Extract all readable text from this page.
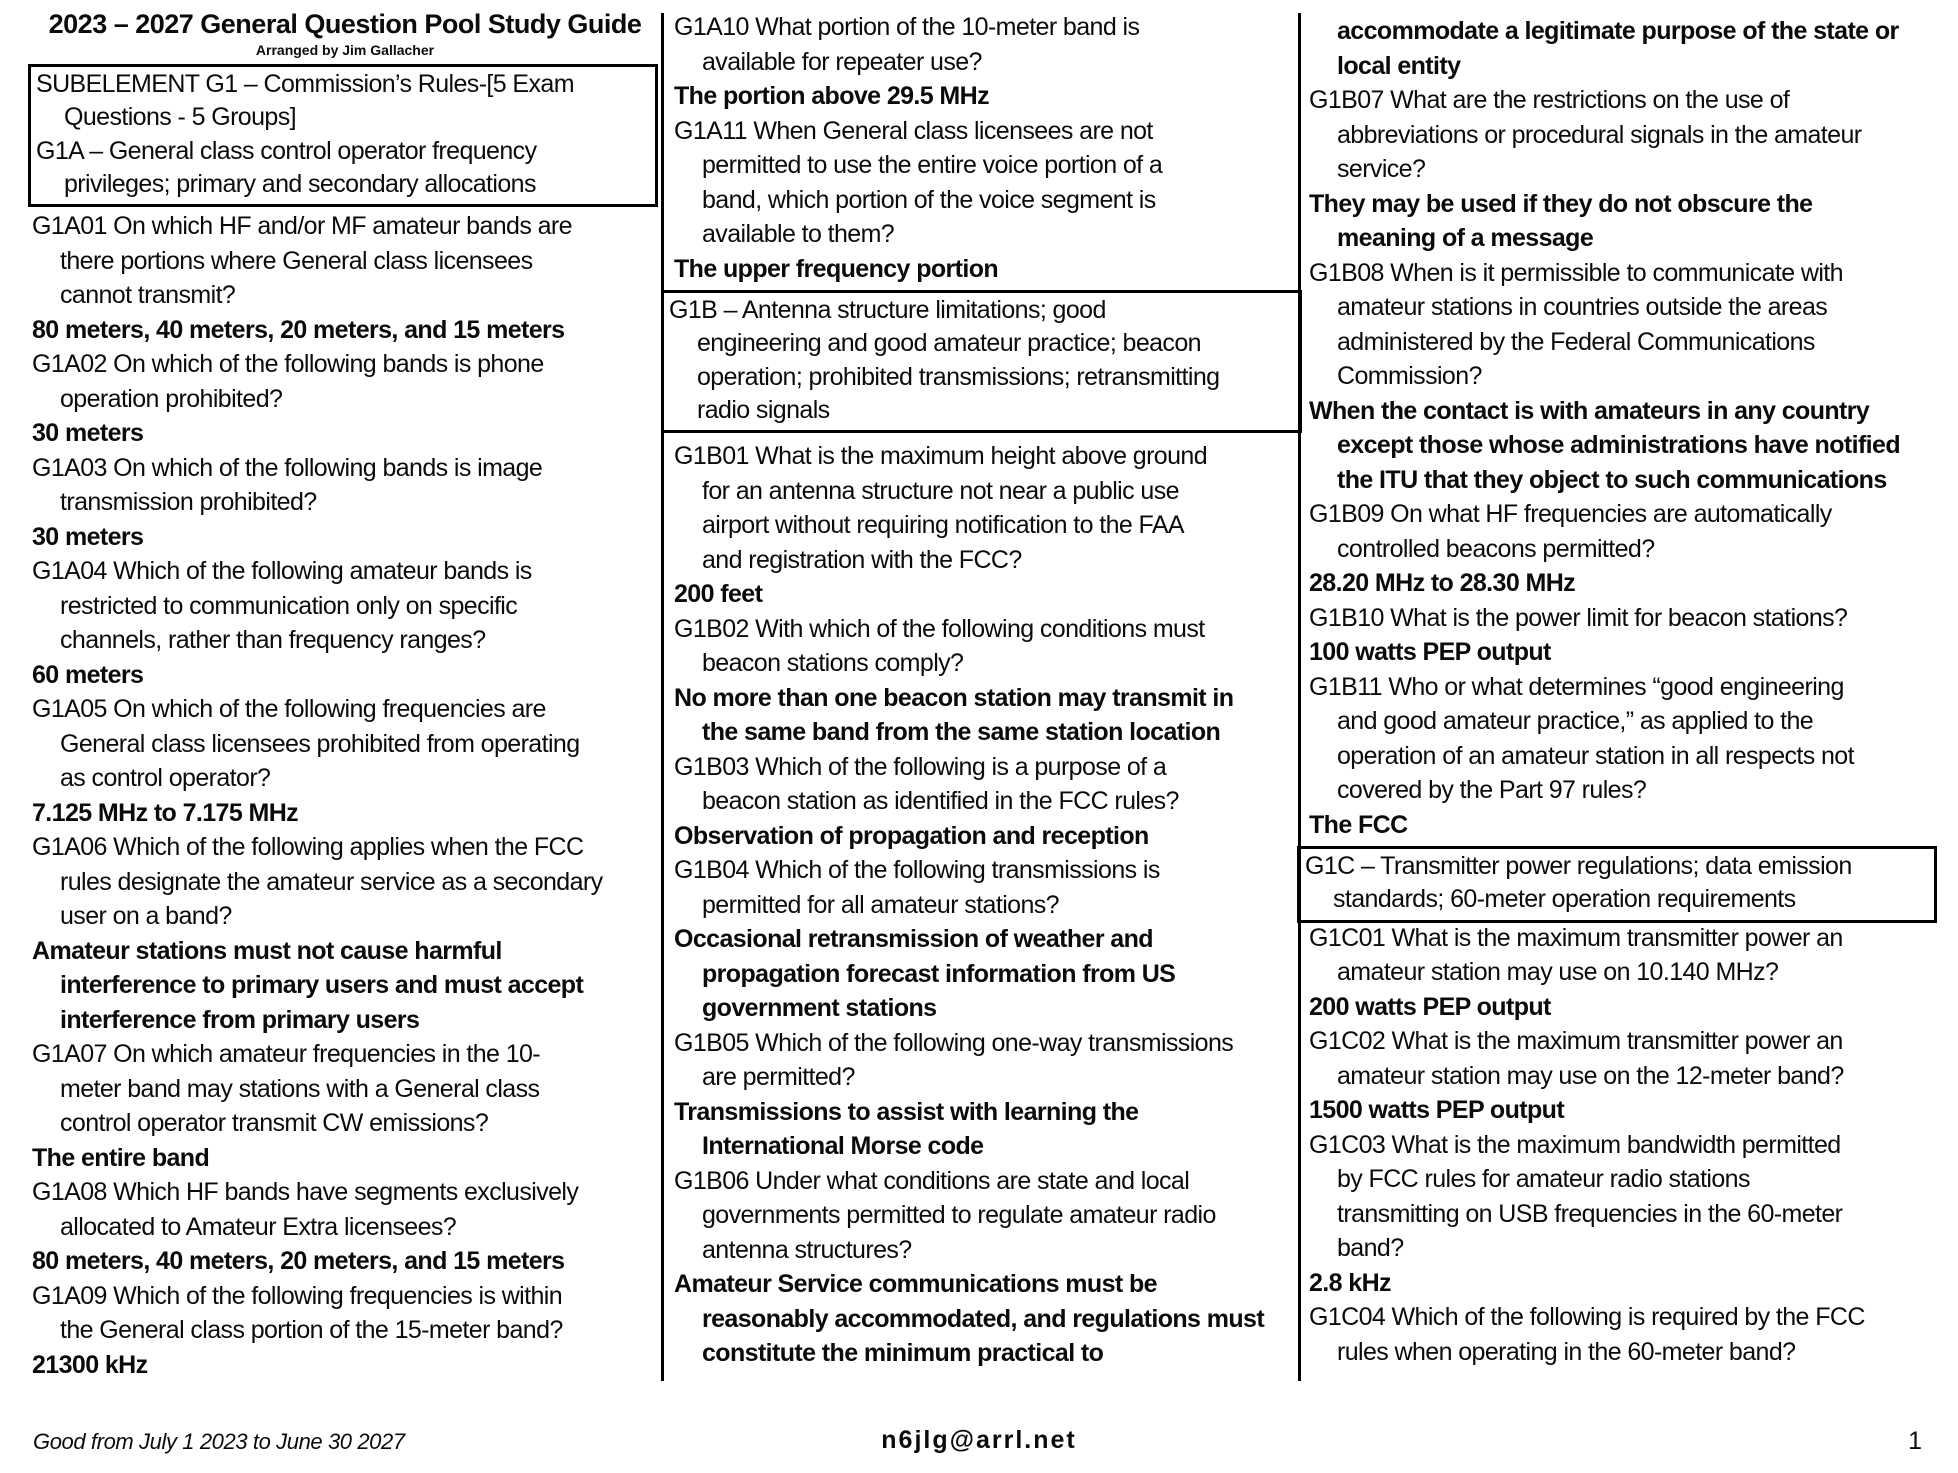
2023 – 2027 General Question Pool Study Guide
Arranged by Jim Gallacher
SUBELEMENT G1 – Commission’s Rules-[5 Exam
Questions - 5 Groups]
G1A – General class control operator frequency
privileges; primary and secondary allocations
G1A01 On which HF and/or MF amateur bands are
there portions where General class licensees
cannot transmit?
80 meters, 40 meters, 20 meters, and 15 meters
G1A02 On which of the following bands is phone
operation prohibited?
30 meters
G1A03 On which of the following bands is image
transmission prohibited?
30 meters
G1A04 Which of the following amateur bands is
restricted to communication only on specific
channels, rather than frequency ranges?
60 meters
G1A05 On which of the following frequencies are
General class licensees prohibited from operating
as control operator?
7.125 MHz to 7.175 MHz
G1A06 Which of the following applies when the FCC
rules designate the amateur service as a secondary
user on a band?
Amateur stations must not cause harmful
interference to primary users and must accept
interference from primary users
G1A07 On which amateur frequencies in the 10-
meter band may stations with a General class
control operator transmit CW emissions?
The entire band
G1A08 Which HF bands have segments exclusively
allocated to Amateur Extra licensees?
80 meters, 40 meters, 20 meters, and 15 meters
G1A09 Which of the following frequencies is within
the General class portion of the 15-meter band?
21300 kHz
G1A10 What portion of the 10-meter band is
available for repeater use?
The portion above 29.5 MHz
G1A11 When General class licensees are not
permitted to use the entire voice portion of a
band, which portion of the voice segment is
available to them?
The upper frequency portion
G1B – Antenna structure limitations; good
engineering and good amateur practice; beacon
operation; prohibited transmissions; retransmitting
radio signals
G1B01 What is the maximum height above ground
for an antenna structure not near a public use
airport without requiring notification to the FAA
and registration with the FCC?
200 feet
G1B02 With which of the following conditions must
beacon stations comply?
No more than one beacon station may transmit in
the same band from the same station location
G1B03 Which of the following is a purpose of a
beacon station as identified in the FCC rules?
Observation of propagation and reception
G1B04 Which of the following transmissions is
permitted for all amateur stations?
Occasional retransmission of weather and
propagation forecast information from US
government stations
G1B05 Which of the following one-way transmissions
are permitted?
Transmissions to assist with learning the
International Morse code
G1B06 Under what conditions are state and local
governments permitted to regulate amateur radio
antenna structures?
Amateur Service communications must be
reasonably accommodated, and regulations must
constitute the minimum practical to
accommodate a legitimate purpose of the state or
local entity
G1B07 What are the restrictions on the use of
abbreviations or procedural signals in the amateur
service?
They may be used if they do not obscure the
meaning of a message
G1B08 When is it permissible to communicate with
amateur stations in countries outside the areas
administered by the Federal Communications
Commission?
When the contact is with amateurs in any country
except those whose administrations have notified
the ITU that they object to such communications
G1B09 On what HF frequencies are automatically
controlled beacons permitted?
28.20 MHz to 28.30 MHz
G1B10 What is the power limit for beacon stations?
100 watts PEP output
G1B11 Who or what determines “good engineering
and good amateur practice,” as applied to the
operation of an amateur station in all respects not
covered by the Part 97 rules?
The FCC
G1C – Transmitter power regulations; data emission
standards; 60-meter operation requirements
G1C01 What is the maximum transmitter power an
amateur station may use on 10.140 MHz?
200 watts PEP output
G1C02 What is the maximum transmitter power an
amateur station may use on the 12-meter band?
1500 watts PEP output
G1C03 What is the maximum bandwidth permitted
by FCC rules for amateur radio stations
transmitting on USB frequencies in the 60-meter
band?
2.8 kHz
G1C04 Which of the following is required by the FCC
rules when operating in the 60-meter band?
Good from July 1 2023 to June 30 2027	n6jlg@arrl.net	1
